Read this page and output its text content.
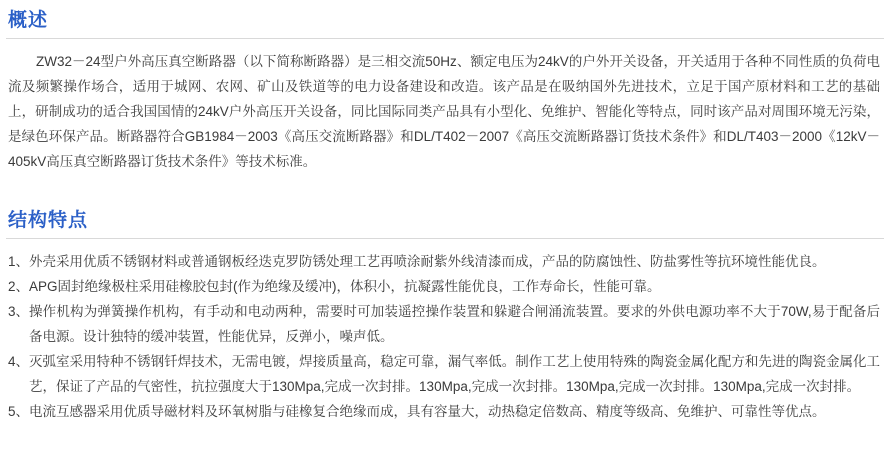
概述

ZW32－24型户外高压真空断路器（以下简称断路器）是三相交流50Hz、额定电压为24kV的户外开关设备，开关适用于各种不同性质的负荷电流及频繁操作场合，适用于城网、农网、矿山及铁道等的电力设备建设和改造。该产品是在吸纳国外先进技术，立足于国产原材料和工艺的基础上，研制成功的适合我国国情的24kV户外高压开关设备，同比国际同类产品具有小型化、免维护、智能化等特点，同时该产品对周围环境无污染，是绿色环保产品。断路器符合GB1984－2003《高压交流断路器》和DL/T402－2007《高压交流断路器订货技术条件》和DL/T403－2000《12kV－405kV高压真空断路器订货技术条件》等技术标准。

结构特点
1、 外壳采用优质不锈钢材料或普通钢板经迭克罗防锈处理工艺再喷涂耐紫外线清漆而成，产品的防腐蚀性、防盐雾性等抗环境性能优良。
2、 APG固封绝缘极柱采用硅橡胶包封(作为绝缘及缓冲)，体积小，抗凝露性能优良，工作寿命长，性能可靠。
3、 操作机构为弹簧操作机构，有手动和电动两种，需要时可加装遥控操作装置和躲避合闸涌流装置。要求的外供电源功率不大于70W,易于配备后备电源。设计独特的缓冲装置，性能优异，反弹小，噪声低。
4、 灭弧室采用特种不锈钢钎焊技术，无需电镀，焊接质量高，稳定可靠，漏气率低。制作工艺上使用特殊的陶瓷金属化配方和先进的陶瓷金属化工艺，保证了产品的气密性，抗拉强度大于130Mpa,完成一次封排。130Mpa,完成一次封排。130Mpa,完成一次封排。130Mpa,完成一次封排。
5、 电流互感器采用优质导磁材料及环氧树脂与硅橡复合绝缘而成，具有容量大，动热稳定倍数高、精度等级高、免维护、可靠性等优点。
